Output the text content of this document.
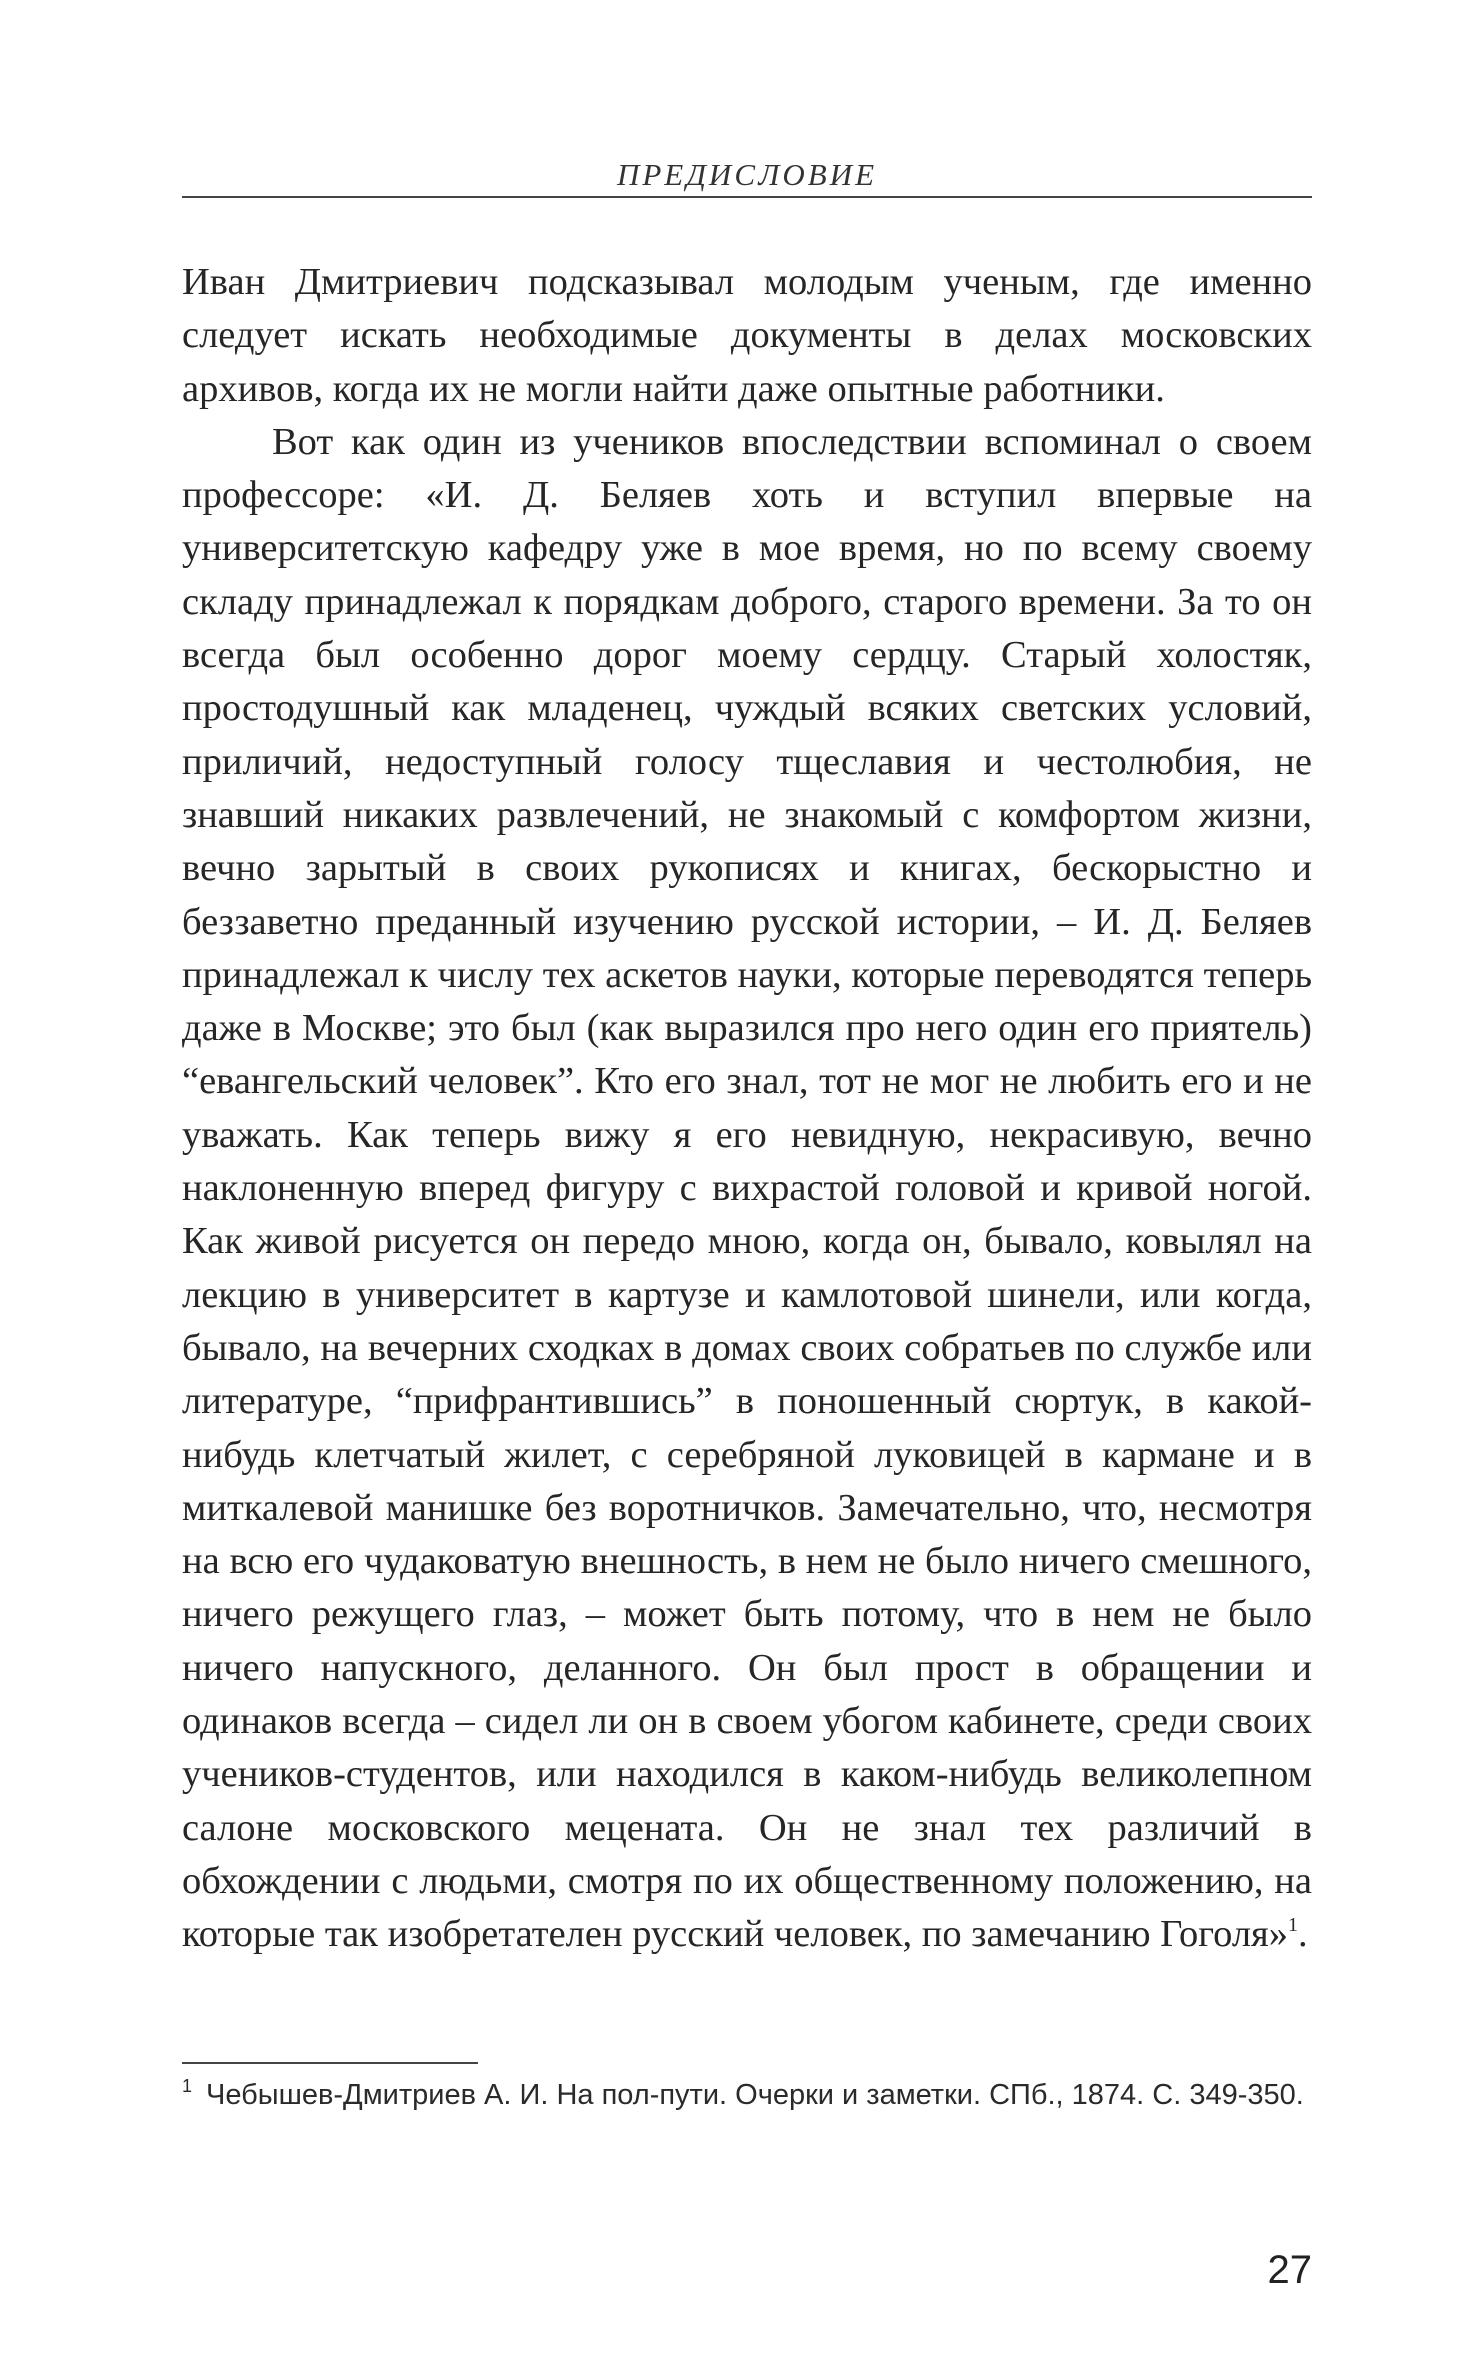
ПРЕДИСЛОВИЕ

Иван Дмитриевич подсказывал молодым ученым, где именно следует искать необходимые документы в делах московских архивов, когда их не могли найти даже опытные работники.

Вот как один из учеников впоследствии вспоминал о своем профессоре: «И. Д. Беляев хоть и вступил впервые на университетскую кафедру уже в мое время, но по всему своему складу принадлежал к порядкам доброго, старого времени. За то он всегда был особенно дорог моему сердцу. Старый холостяк, простодушный как младенец, чуждый всяких светских условий, приличий, недоступный голосу тщеславия и честолюбия, не знавший никаких развлечений, не знакомый с комфортом жизни, вечно зарытый в своих рукописях и книгах, бескорыстно и беззаветно преданный изучению русской истории, – И. Д. Беляев принадлежал к числу тех аскетов науки, которые переводятся теперь даже в Москве; это был (как выразился про него один его приятель) “евангельский человек”. Кто его знал, тот не мог не любить его и не уважать. Как теперь вижу я его невидную, некрасивую, вечно наклоненную вперед фигуру с вихрастой головой и кривой ногой. Как живой рисуется он передо мною, когда он, бывало, ковылял на лекцию в университет в картузе и камлотовой шинели, или когда, бывало, на вечерних сходках в домах своих собратьев по службе или литературе, “прифрантившись” в поношенный сюртук, в какой-нибудь клетчатый жилет, с серебряной луковицей в кармане и в миткалевой манишке без воротничков. Замечательно, что, несмотря на всю его чудаковатую внешность, в нем не было ничего смешного, ничего режущего глаз, – может быть потому, что в нем не было ничего напускного, деланного. Он был прост в обращении и одинаков всегда – сидел ли он в своем убогом кабинете, среди своих учеников-студентов, или находился в каком-нибудь великолепном салоне московского мецената. Он не знал тех различий в обхождении с людьми, смотря по их общественному положению, на которые так изобретателен русский человек, по замечанию Гоголя»$^1$.

$^1$ Чебышев-Дмитриев А. И. На пол-пути. Очерки и заметки. СПб., 1874. С. 349-350.
27
